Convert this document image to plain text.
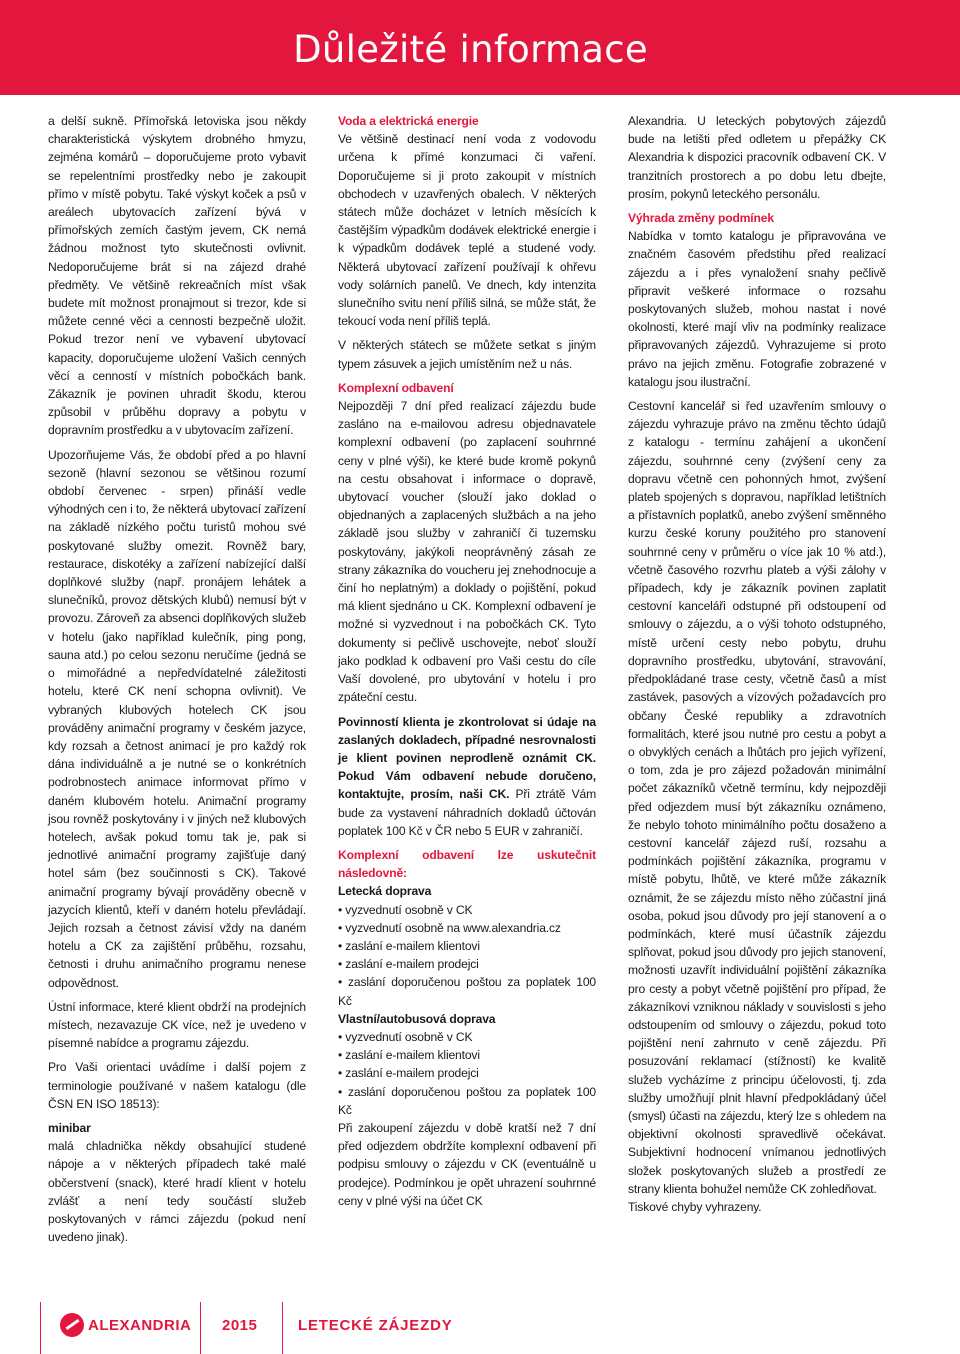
Důležité informace

a delší sukně. Přímořská letoviska jsou někdy charakteristická výskytem drobného hmyzu, zejména komárů – doporučujeme proto vybavit se repelentními prostředky nebo je zakoupit přímo v místě pobytu. Také výskyt koček a psů v areálech ubytovacích zařízení bývá v přímořských zemích častým jevem, CK nemá žádnou možnost tyto skutečnosti ovlivnit. Nedoporučujeme brát si na zájezd drahé předměty. Ve většině rekreačních míst však budete mít možnost pronajmout si trezor, kde si můžete cenné věci a cennosti bezpečně uložit. Pokud trezor není ve vybavení ubytovací kapacity, doporučujeme uložení Vašich cenných věcí a cenností v místních pobočkách bank. Zákazník je povinen uhradit škodu, kterou způsobil v průběhu dopravy a pobytu v dopravním prostředku a v ubytovacím zařízení.

Upozorňujeme Vás, že období před a po hlavní sezoně (hlavní sezonou se většinou rozumí období červenec - srpen) přináší vedle výhodných cen i to, že některá ubytovací zařízení na základě nízkého počtu turistů mohou své poskytované služby omezit. Rovněž bary, restaurace, diskotéky a zařízení nabízející další doplňkové služby (např. pronájem lehátek a slunečníků, provoz dětských klubů) nemusí být v provozu. Zároveň za absenci doplňkových služeb v hotelu (jako například kulečník, ping pong, sauna atd.) po celou sezonu neručíme (jedná se o mimořádné a nepředvídatelné záležitosti hotelu, které CK není schopna ovlivnit). Ve vybraných klubových hotelech CK jsou prováděny animační programy v českém jazyce, kdy rozsah a četnost animací je pro každý rok dána individuálně a je nutné se o konkrétních podrobnostech animace informovat přímo v daném klubovém hotelu. Animační programy jsou rovněž poskytovány i v jiných než klubových hotelech, avšak pokud tomu tak je, pak si jednotlivé animační programy zajišťuje daný hotel sám (bez součinnosti s CK). Takové animační programy bývají prováděny obecně v jazycích klientů, kteří v daném hotelu převládají. Jejich rozsah a četnost závisí vždy na daném hotelu a CK za zajištění průběhu, rozsahu, četnosti i druhu animačního programu nenese odpovědnost.

Ústní informace, které klient obdrží na prodejních místech, nezavazuje CK více, než je uvedeno v písemné nabídce a programu zájezdu.

Pro Vaši orientaci uvádíme i další pojem z terminologie používané v našem katalogu (dle ČSN EN ISO 18513):

minibar
malá chladnička někdy obsahující studené nápoje a v některých případech také malé občerstvení (snack), které hradí klient v hotelu zvlášť a není tedy součástí služeb poskytovaných v rámci zájezdu (pokud není uvedeno jinak).

Voda a elektrická energie

Ve většině destinací není voda z vodovodu určena k přímé konzumaci či vaření. Doporučujeme si ji proto zakoupit v místních obchodech v uzavřených obalech. V některých státech může docházet v letních měsících k častějším výpadkům dodávek elektrické energie i k výpadkům dodávek teplé a studené vody. Některá ubytovací zařízení používají k ohřevu vody solárních panelů. Ve dnech, kdy intenzita slunečního svitu není příliš silná, se může stát, že tekoucí voda není příliš teplá.

V některých státech se můžete setkat s jiným typem zásuvek a jejich umístěním než u nás.

Komplexní odbavení

Nejpozději 7 dní před realizací zájezdu bude zasláno na e-mailovou adresu objednavatele komplexní odbavení (po zaplacení souhrnné ceny v plné výši), ke které bude kromě pokynů na cestu obsahovat i informace o dopravě, ubytovací voucher (slouží jako doklad o objednaných a zaplacených službách a na jeho základě jsou služby v zahraničí či tuzemsku poskytovány, jakýkoli neoprávněný zásah ze strany zákazníka do voucheru jej znehodnocuje a činí ho neplatným) a doklady o pojištění, pokud má klient sjednáno u CK. Komplexní odbavení je možné si vyzvednout i na pobočkách CK. Tyto dokumenty si pečlivě uschovejte, neboť slouží jako podklad k odbavení pro Vaši cestu do cíle Vaší dovolené, pro ubytování v hotelu i pro zpáteční cestu.

Povinností klienta je zkontrolovat si údaje na zaslaných dokladech, případné nesrovnalosti je klient povinen neprodleně oznámit CK. Pokud Vám odbavení nebude doručeno, kontaktujte, prosím, naši CK. Při ztrátě Vám bude za vystavení náhradních dokladů účtován poplatek 100 Kč v ČR nebo 5 EUR v zahraničí.

Komplexní odbavení lze uskutečnit následovně:
Letecká doprava
• vyzvednutí osobně v CK
• vyzvednutí osobně na www.alexandria.cz
• zaslání e-mailem klientovi
• zaslání e-mailem prodejci
• zaslání doporučenou poštou za poplatek 100 Kč
Vlastní/autobusová doprava
• vyzvednutí osobně v CK
• zaslání e-mailem klientovi
• zaslání e-mailem prodejci
• zaslání doporučenou poštou za poplatek 100 Kč

Při zakoupení zájezdu v době kratší než 7 dní před odjezdem obdržíte komplexní odbavení při podpisu smlouvy o zájezdu v CK (eventuálně u prodejce). Podmínkou je opět uhrazení souhrnné ceny v plné výši na účet CK

Alexandria. U leteckých pobytových zájezdů bude na letišti před odletem u přepážky CK Alexandria k dispozici pracovník odbavení CK. V tranzitních prostorech a po dobu letu dbejte, prosím, pokynů leteckého personálu.

Výhrada změny podmínek

Nabídka v tomto katalogu je připravována ve značném časovém předstihu před realizací zájezdu a i přes vynaložení snahy pečlivě připravit veškeré informace o rozsahu poskytovaných služeb, mohou nastat i nové okolnosti, které mají vliv na podmínky realizace připravovaných zájezdů. Vyhrazujeme si proto právo na jejich změnu. Fotografie zobrazené v katalogu jsou ilustrační.

Cestovní kancelář si řed uzavřením smlouvy o zájezdu vyhrazuje právo na změnu těchto údajů z katalogu - termínu zahájení a ukončení zájezdu, souhrnné ceny (zvýšení ceny za dopravu včetně cen pohonných hmot, zvýšení plateb spojených s dopravou, například letištních a přístavních poplatků, anebo zvýšení směnného kurzu české koruny použitého pro stanovení souhrnné ceny v průměru o více jak 10 % atd.), včetně časového rozvrhu plateb a výši zálohy v případech, kdy je zákazník povinen zaplatit cestovní kanceláři odstupné při odstoupení od smlouvy o zájezdu, a o výši tohoto odstupného, místě určení cesty nebo pobytu, druhu dopravního prostředku, ubytování, stravování, předpokládané trase cesty, včetně časů a míst zastávek, pasových a vízových požadavcích pro občany České republiky a zdravotních formalitách, které jsou nutné pro cestu a pobyt a o obvyklých cenách a lhůtách pro jejich vyřízení, o tom, zda je pro zájezd požadován minimální počet zákazníků včetně termínu, kdy nejpozději před odjezdem musí být zákazníku oznámeno, že nebylo tohoto minimálního počtu dosaženo a cestovní kancelář zájezd ruší, rozsahu a podmínkách pojištění zákazníka, programu v místě pobytu, lhůtě, ve které může zákazník oznámit, že se zájezdu místo něho zúčastní jiná osoba, pokud jsou důvody pro její stanovení a o podmínkách, které musí účastník zájezdu splňovat, pokud jsou důvody pro jejich stanovení, možnosti uzavřít individuální pojištění zákazníka pro cesty a pobyt včetně pojištění pro případ, že zákazníkovi vzniknou náklady v souvislosti s jeho odstoupením od smlouvy o zájezdu, pokud toto pojištění není zahrnuto v ceně zájezdu. Při posuzování reklamací (stížností) ke kvalitě služeb vycházíme z principu účelovosti, tj. zda služby umožňují plnit hlavní předpokládaný účel (smysl) účasti na zájezdu, který lze s ohledem na objektivní okolnosti spravedlivě očekávat. Subjektivní hodnocení vnímanou jednotlivých složek poskytovaných služeb a prostředí ze strany klienta bohužel nemůže CK zohledňovat.

Tiskové chyby vyhrazeny.

ALEXANDRIA 2015	LETECKÉ ZÁJEZDY
